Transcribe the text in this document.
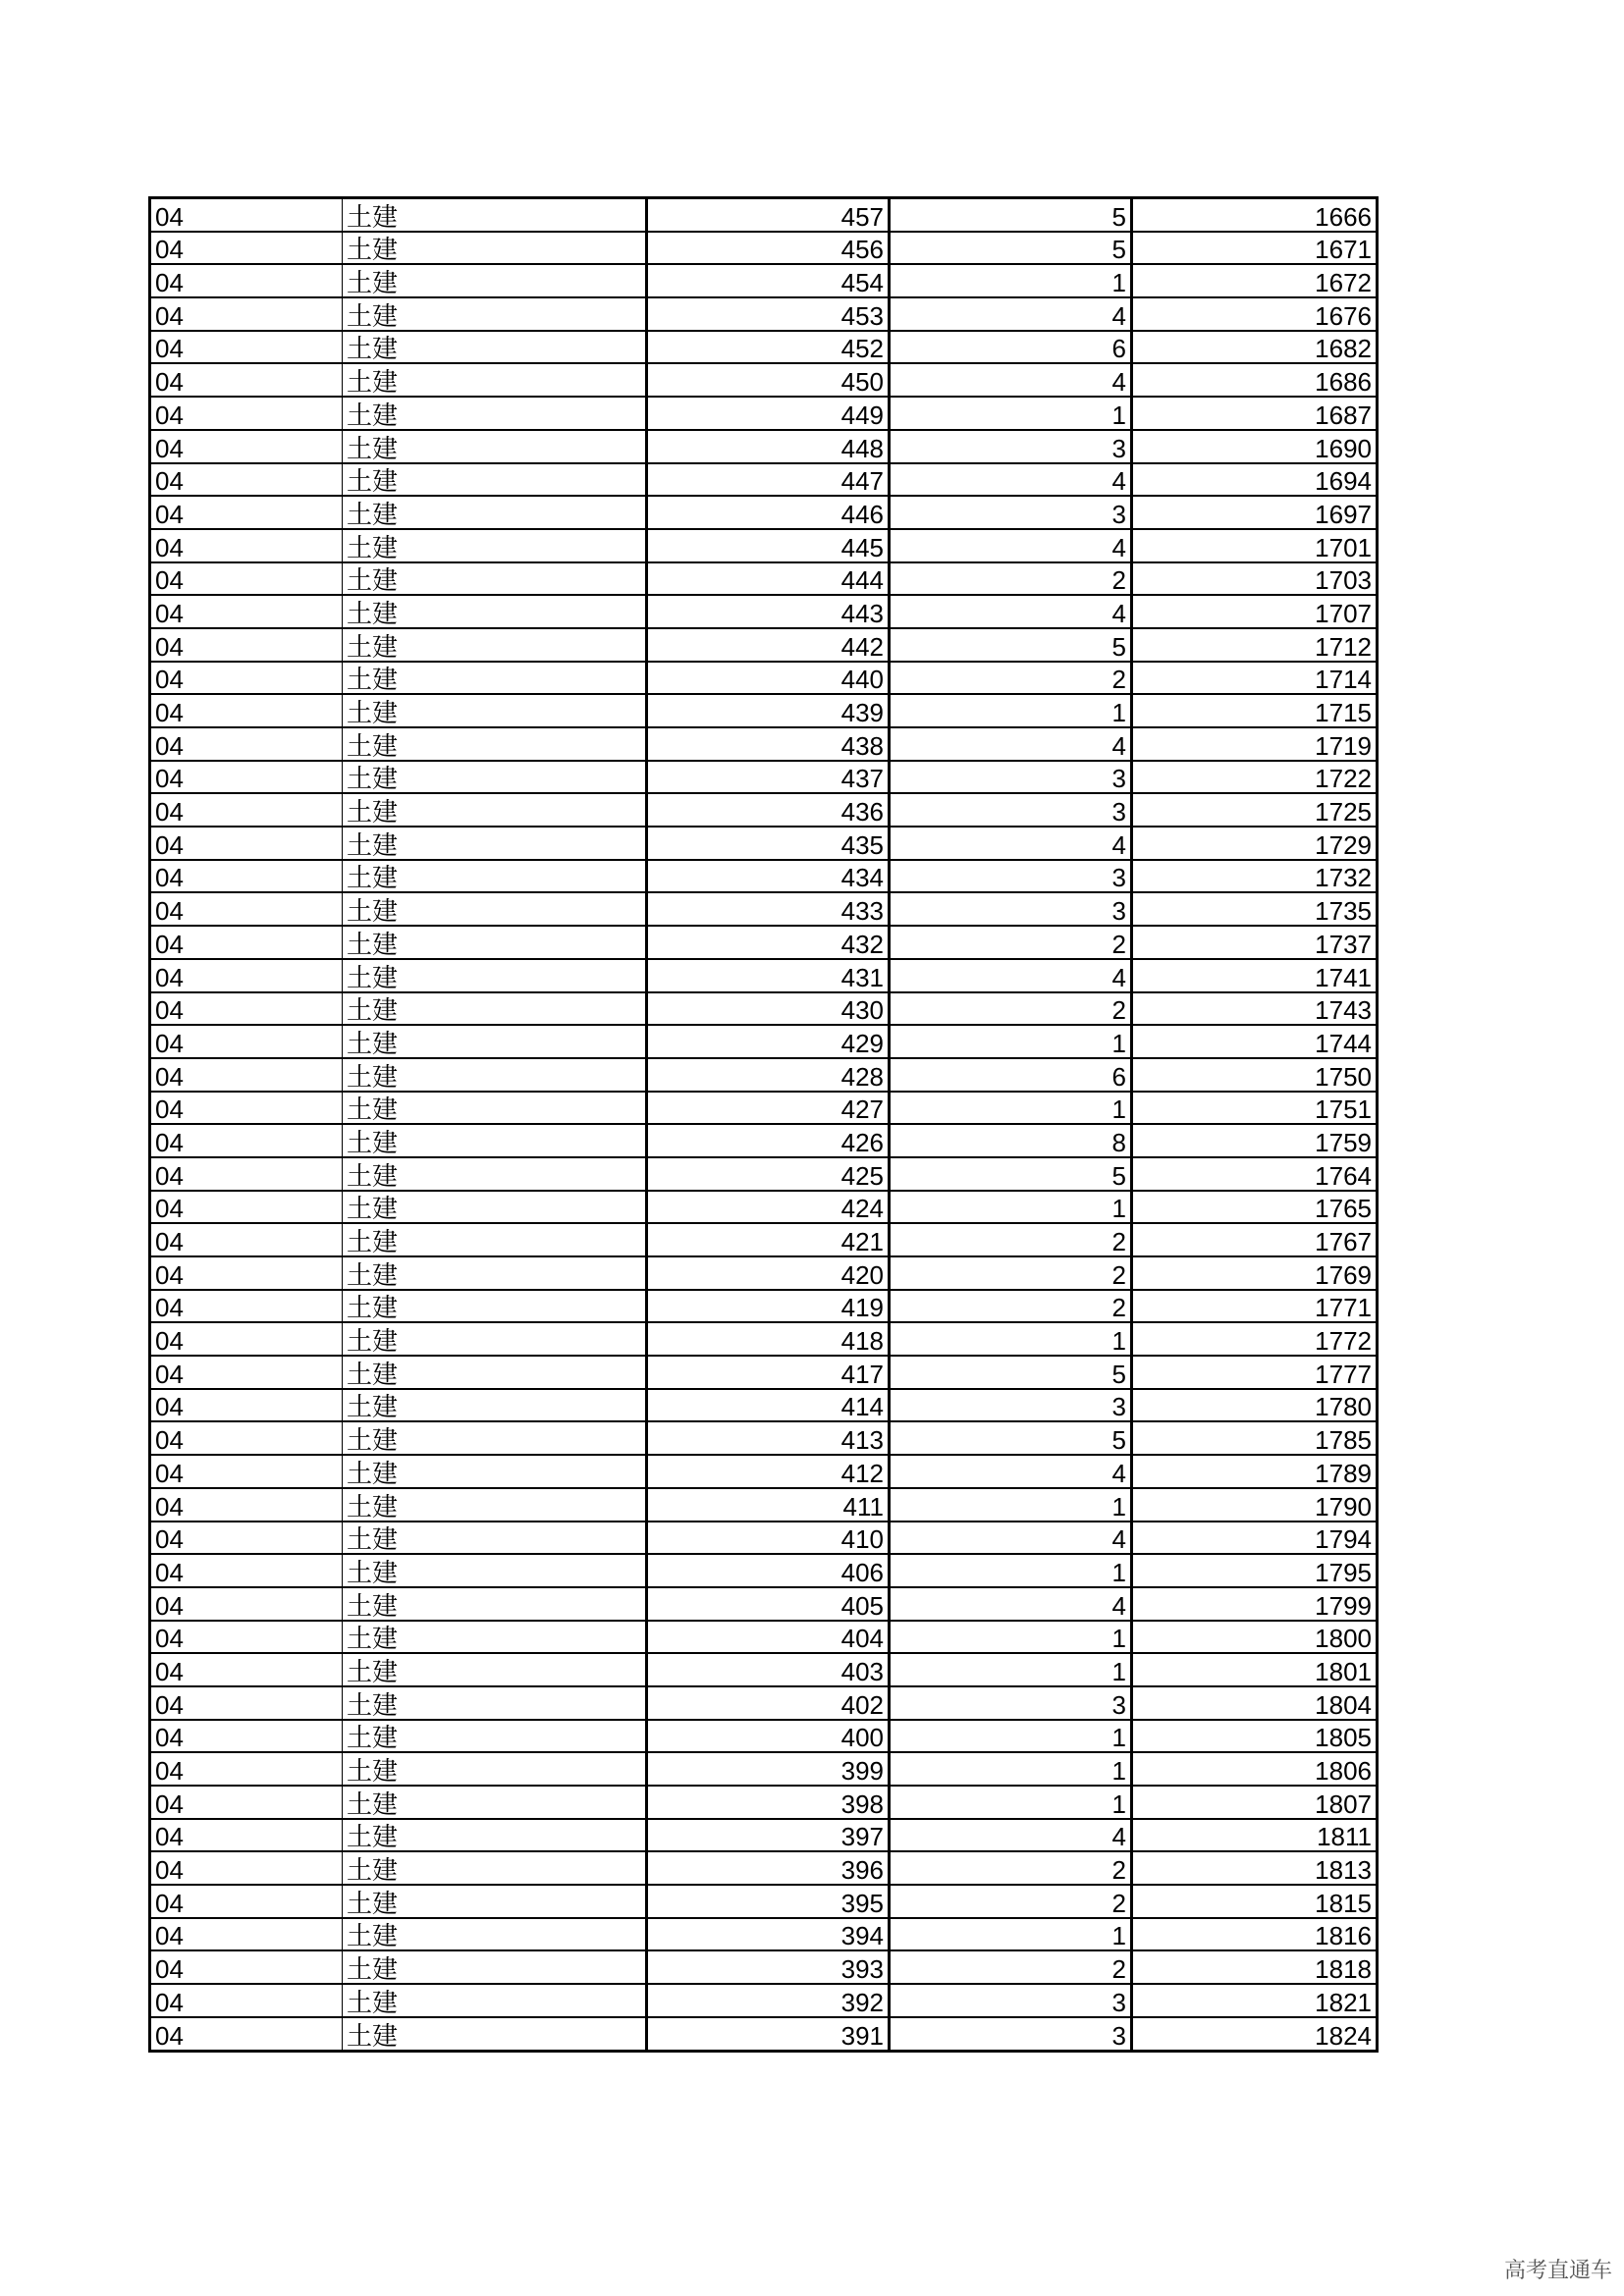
04	土建	457	5	1666
04	土建	456	5	1671
04	土建	454	1	1672
04	土建	453	4	1676
04	土建	452	6	1682
04	土建	450	4	1686
04	土建	449	1	1687
04	土建	448	3	1690
04	土建	447	4	1694
04	土建	446	3	1697
04	土建	445	4	1701
04	土建	444	2	1703
04	土建	443	4	1707
04	土建	442	5	1712
04	土建	440	2	1714
04	土建	439	1	1715
04	土建	438	4	1719
04	土建	437	3	1722
04	土建	436	3	1725
04	土建	435	4	1729
04	土建	434	3	1732
04	土建	433	3	1735
04	土建	432	2	1737
04	土建	431	4	1741
04	土建	430	2	1743
04	土建	429	1	1744
04	土建	428	6	1750
04	土建	427	1	1751
04	土建	426	8	1759
04	土建	425	5	1764
04	土建	424	1	1765
04	土建	421	2	1767
04	土建	420	2	1769
04	土建	419	2	1771
04	土建	418	1	1772
04	土建	417	5	1777
04	土建	414	3	1780
04	土建	413	5	1785
04	土建	412	4	1789
04	土建	411	1	1790
04	土建	410	4	1794
04	土建	406	1	1795
04	土建	405	4	1799
04	土建	404	1	1800
04	土建	403	1	1801
04	土建	402	3	1804
04	土建	400	1	1805
04	土建	399	1	1806
04	土建	398	1	1807
04	土建	397	4	1811
04	土建	396	2	1813
04	土建	395	2	1815
04	土建	394	1	1816
04	土建	393	2	1818
04	土建	392	3	1821
04	土建	391	3	1824
高考直通车
